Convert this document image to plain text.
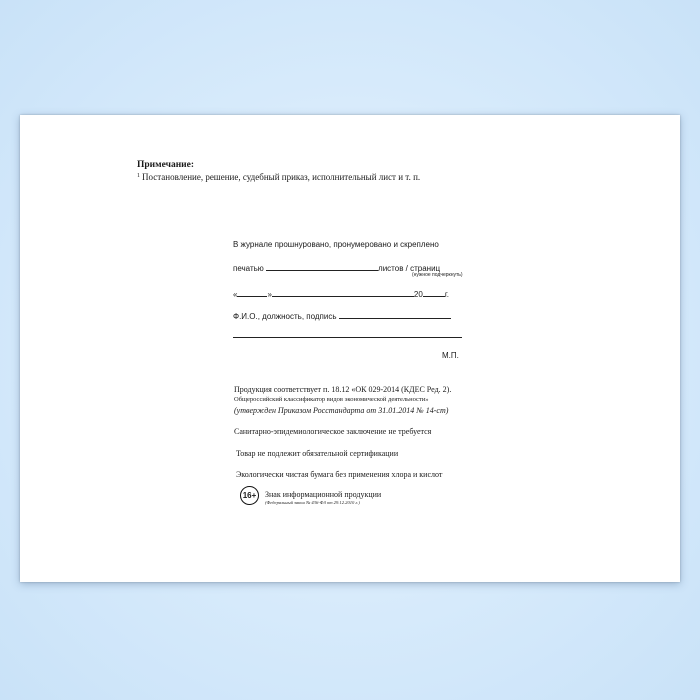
Примечание:
$^1$ Постановление, решение, судебный приказ, исполнительный лист и т. п.
В журнале прошнуровано, пронумеровано и скреплено
печатью	листов / страниц
(нужное подчеркнуть)
«	»	20	г.
Ф.И.О., должность, подпись
М.П.
Продукция соответствует п. 18.12 «ОК 029-2014 (КДЕС Ред. 2).
Общероссийский классификатор видов экономической деятельности»
(утвержден Приказом Росстандарта от 31.01.2014 № 14-ст)
Санитарно-эпидемиологическое заключение не требуется
Товар не подлежит обязательной сертификации
Экологически чистая бумага без применения хлора и кислот
16+	Знак информационной продукции
(Федеральный закон № 436-ФЗ от 29.12.2010 г.)
